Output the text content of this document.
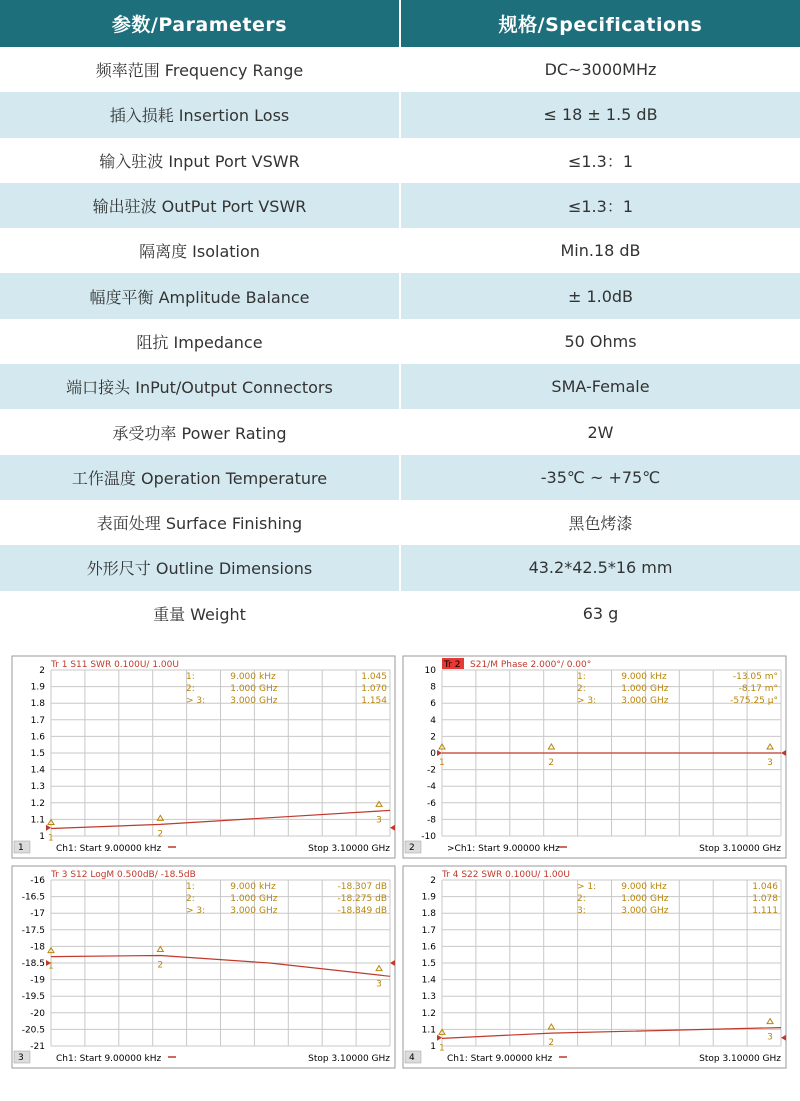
参数/Parameters	规格/Specifications
频率范围 Frequency Range	DC~3000MHz
插入损耗 Insertion Loss	≤ 18 ± 1.5 dB
输入驻波 Input Port VSWR	≤1.3：1
输出驻波 OutPut Port VSWR	≤1.3：1
隔离度 Isolation	Min.18 dB
幅度平衡 Amplitude Balance	± 1.0dB
阻抗 Impedance	50 Ohms
端口接头 InPut/Output Connectors	SMA-Female
承受功率 Power Rating	2W
工作温度 Operation Temperature	-35℃ ~ +75℃
表面处理 Surface Finishing	黑色烤漆
外形尺寸 Outline Dimensions	43.2*42.5*16 mm
重量 Weight	63 g
Tr 1 S11 SWR 0.100U/ 1.00U
2
1.9
1.8
1.7
1.6
1.5
1.4
1.3
1.2
1.1
1 1	2
3
1:	9.000 kHz	1.045
2:	1.000 GHz	1.070
> 3:	3.000 GHz	1.154
1	Ch1: Start 9.00000 kHz	Stop 3.10000 GHz
Tr 2 S21/M Phase 2.000°/ 0.00°
10
8
6
4
2
0
-2
-4
-6
-8
-10
1	2	3
1:	9.000 kHz	-13.05 m°
2:	1.000 GHz	-8.17 m°
> 3:	3.000 GHz	-575.25 µ°
2	>Ch1: Start 9.00000 kHz	Stop 3.10000 GHz
Tr 3 S12 LogM 0.500dB/ -18.5dB
-16
-16.5
-17
-17.5
-18
-18.5
-19
-19.5
-20
-20.5
-21
1	2
3
1:	9.000 kHz	-18.307 dB
2:	1.000 GHz	-18.275 dB
> 3:	3.000 GHz	-18.849 dB
3	Ch1: Start 9.00000 kHz	Stop 3.10000 GHz
Tr 4 S22 SWR 0.100U/ 1.00U
2
1.9
1.8
1.7
1.6
1.5
1.4
1.3
1.2
1.1
1 1
2
3
> 1:	9.000 kHz	1.046
2:	1.000 GHz	1.078
3:	3.000 GHz	1.111
4	Ch1: Start 9.00000 kHz	Stop 3.10000 GHz
